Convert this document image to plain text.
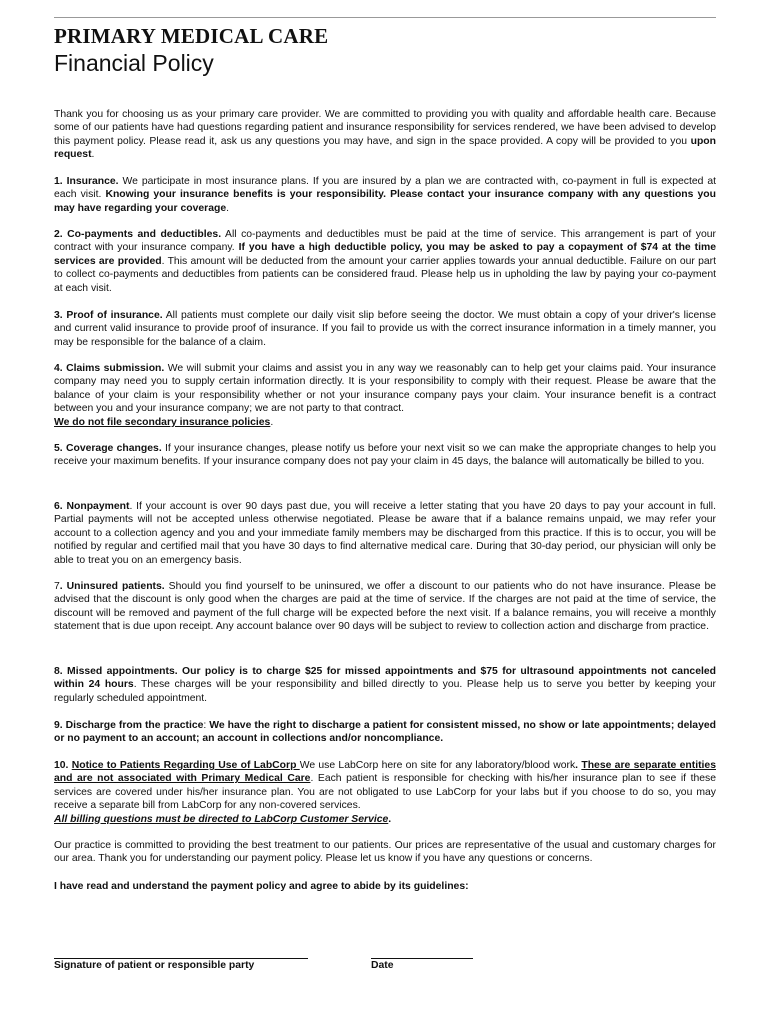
PRIMARY MEDICAL CARE
Financial Policy

Thank you for choosing us as your primary care provider. We are committed to providing you with quality and affordable health care. Because some of our patients have had questions regarding patient and insurance responsibility for services rendered, we have been advised to develop this payment policy. Please read it, ask us any questions you may have, and sign in the space provided. A copy will be provided to you upon request.

1. Insurance. We participate in most insurance plans. If you are insured by a plan we are contracted with, co-payment in full is expected at each visit. Knowing your insurance benefits is your responsibility. Please contact your insurance company with any questions you may have regarding your coverage.

2. Co-payments and deductibles. All co-payments and deductibles must be paid at the time of service. This arrangement is part of your contract with your insurance company. If you have a high deductible policy, you may be asked to pay a copayment of $74 at the time services are provided. This amount will be deducted from the amount your carrier applies towards your annual deductible. Failure on our part to collect co-payments and deductibles from patients can be considered fraud. Please help us in upholding the law by paying your co-payment at each visit.

3. Proof of insurance. All patients must complete our daily visit slip before seeing the doctor. We must obtain a copy of your driver's license and current valid insurance to provide proof of insurance. If you fail to provide us with the correct insurance information in a timely manner, you may be responsible for the balance of a claim.

4. Claims submission. We will submit your claims and assist you in any way we reasonably can to help get your claims paid. Your insurance company may need you to supply certain information directly. It is your responsibility to comply with their request. Please be aware that the balance of your claim is your responsibility whether or not your insurance company pays your claim. Your insurance benefit is a contract between you and your insurance company; we are not party to that contract.
We do not file secondary insurance policies.

5. Coverage changes. If your insurance changes, please notify us before your next visit so we can make the appropriate changes to help you receive your maximum benefits. If your insurance company does not pay your claim in 45 days, the balance will automatically be billed to you.

6. Nonpayment. If your account is over 90 days past due, you will receive a letter stating that you have 20 days to pay your account in full. Partial payments will not be accepted unless otherwise negotiated. Please be aware that if a balance remains unpaid, we may refer your account to a collection agency and you and your immediate family members may be discharged from this practice. If this is to occur, you will be notified by regular and certified mail that you have 30 days to find alternative medical care. During that 30-day period, our physician will only be able to treat you on an emergency basis.

7. Uninsured patients. Should you find yourself to be uninsured, we offer a discount to our patients who do not have insurance. Please be advised that the discount is only good when the charges are paid at the time of service. If the charges are not paid at the time of service, the discount will be removed and payment of the full charge will be expected before the next visit. If a balance remains, you will receive a monthly statement that is due upon receipt. Any account balance over 90 days will be subject to review to collection action and discharge from practice.

8. Missed appointments. Our policy is to charge $25 for missed appointments and $75 for ultrasound appointments not canceled within 24 hours. These charges will be your responsibility and billed directly to you. Please help us to serve you better by keeping your regularly scheduled appointment.

9. Discharge from the practice: We have the right to discharge a patient for consistent missed, no show or late appointments; delayed or no payment to an account; an account in collections and/or noncompliance.

10. Notice to Patients Regarding Use of LabCorp We use LabCorp here on site for any laboratory/blood work. These are separate entities and are not associated with Primary Medical Care. Each patient is responsible for checking with his/her insurance plan to see if these services are covered under his/her insurance plan. You are not obligated to use LabCorp for your labs but if you choose to do so, you may receive a separate bill from LabCorp for any non-covered services.
All billing questions must be directed to LabCorp Customer Service.

Our practice is committed to providing the best treatment to our patients. Our prices are representative of the usual and customary charges for our area. Thank you for understanding our payment policy. Please let us know if you have any questions or concerns.

I have read and understand the payment policy and agree to abide by its guidelines:

Signature of patient or responsible party	Date
